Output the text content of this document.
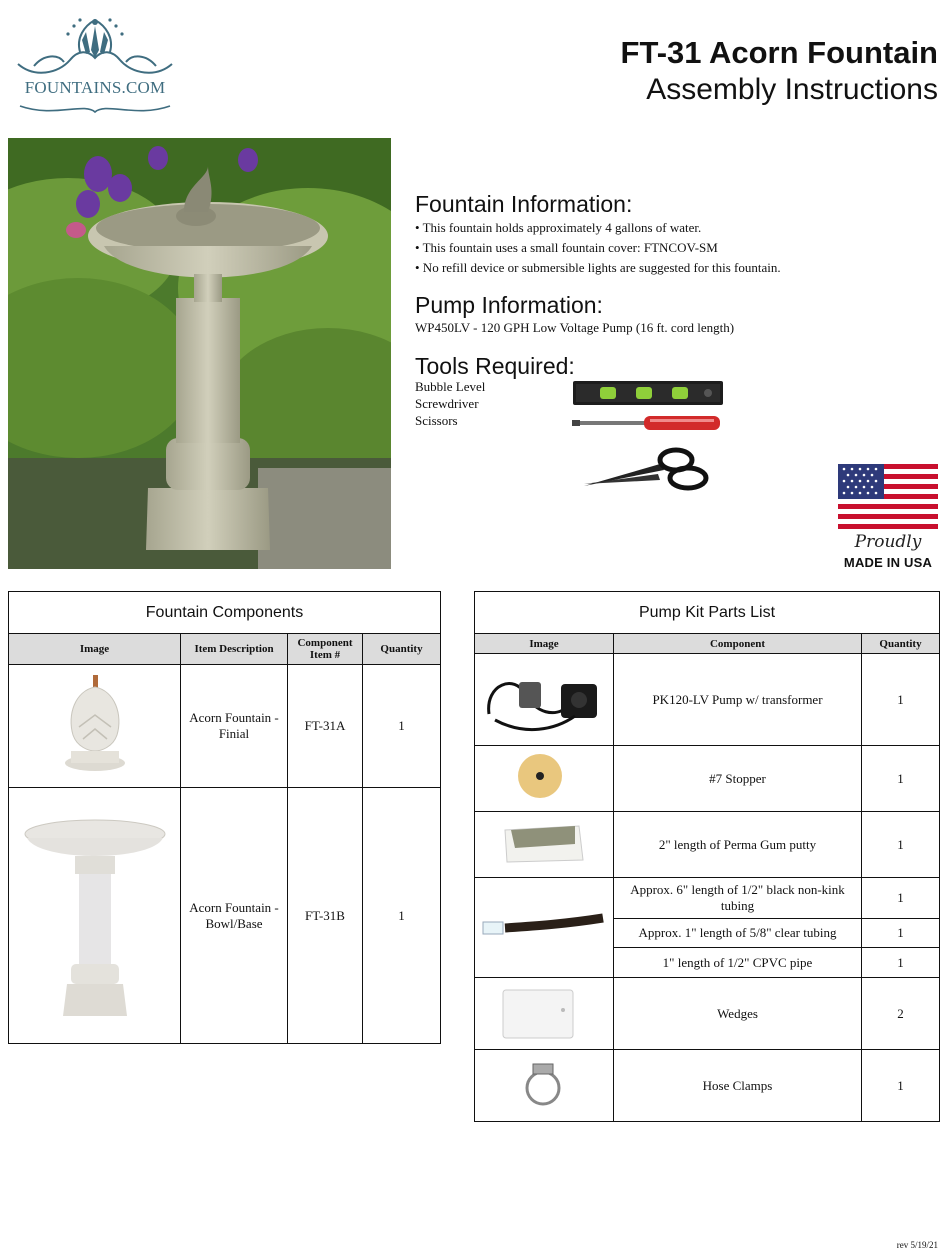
FOUNTAINS.COM
FT-31 Acorn Fountain
Assembly Instructions
Fountain Information:
• This fountain holds approximately 4 gallons of water.
• This fountain uses a small fountain cover: FTNCOV-SM
• No refill device or submersible lights are suggested for this fountain.
Pump Information:
WP450LV - 120 GPH Low Voltage Pump (16 ft. cord length)
Tools Required:
Bubble Level
Screwdriver
Scissors
Proudly
MADE IN USA
Fountain Components			
Image	Item Description	Component Item #	Quantity
	Acorn Fountain - Finial	FT-31A	1
	Acorn Fountain - Bowl/Base	FT-31B	1
Pump Kit Parts List		
Image	Component	Quantity
	PK120-LV Pump w/ transformer	1
	#7 Stopper	1
	2" length of Perma Gum putty	1
	Approx. 6" length of 1/2" black non-kink tubing	1
	Approx. 1" length of 5/8" clear tubing	1
	1" length of 1/2" CPVC pipe	1
	Wedges	2
	Hose Clamps	1
rev 5/19/21
